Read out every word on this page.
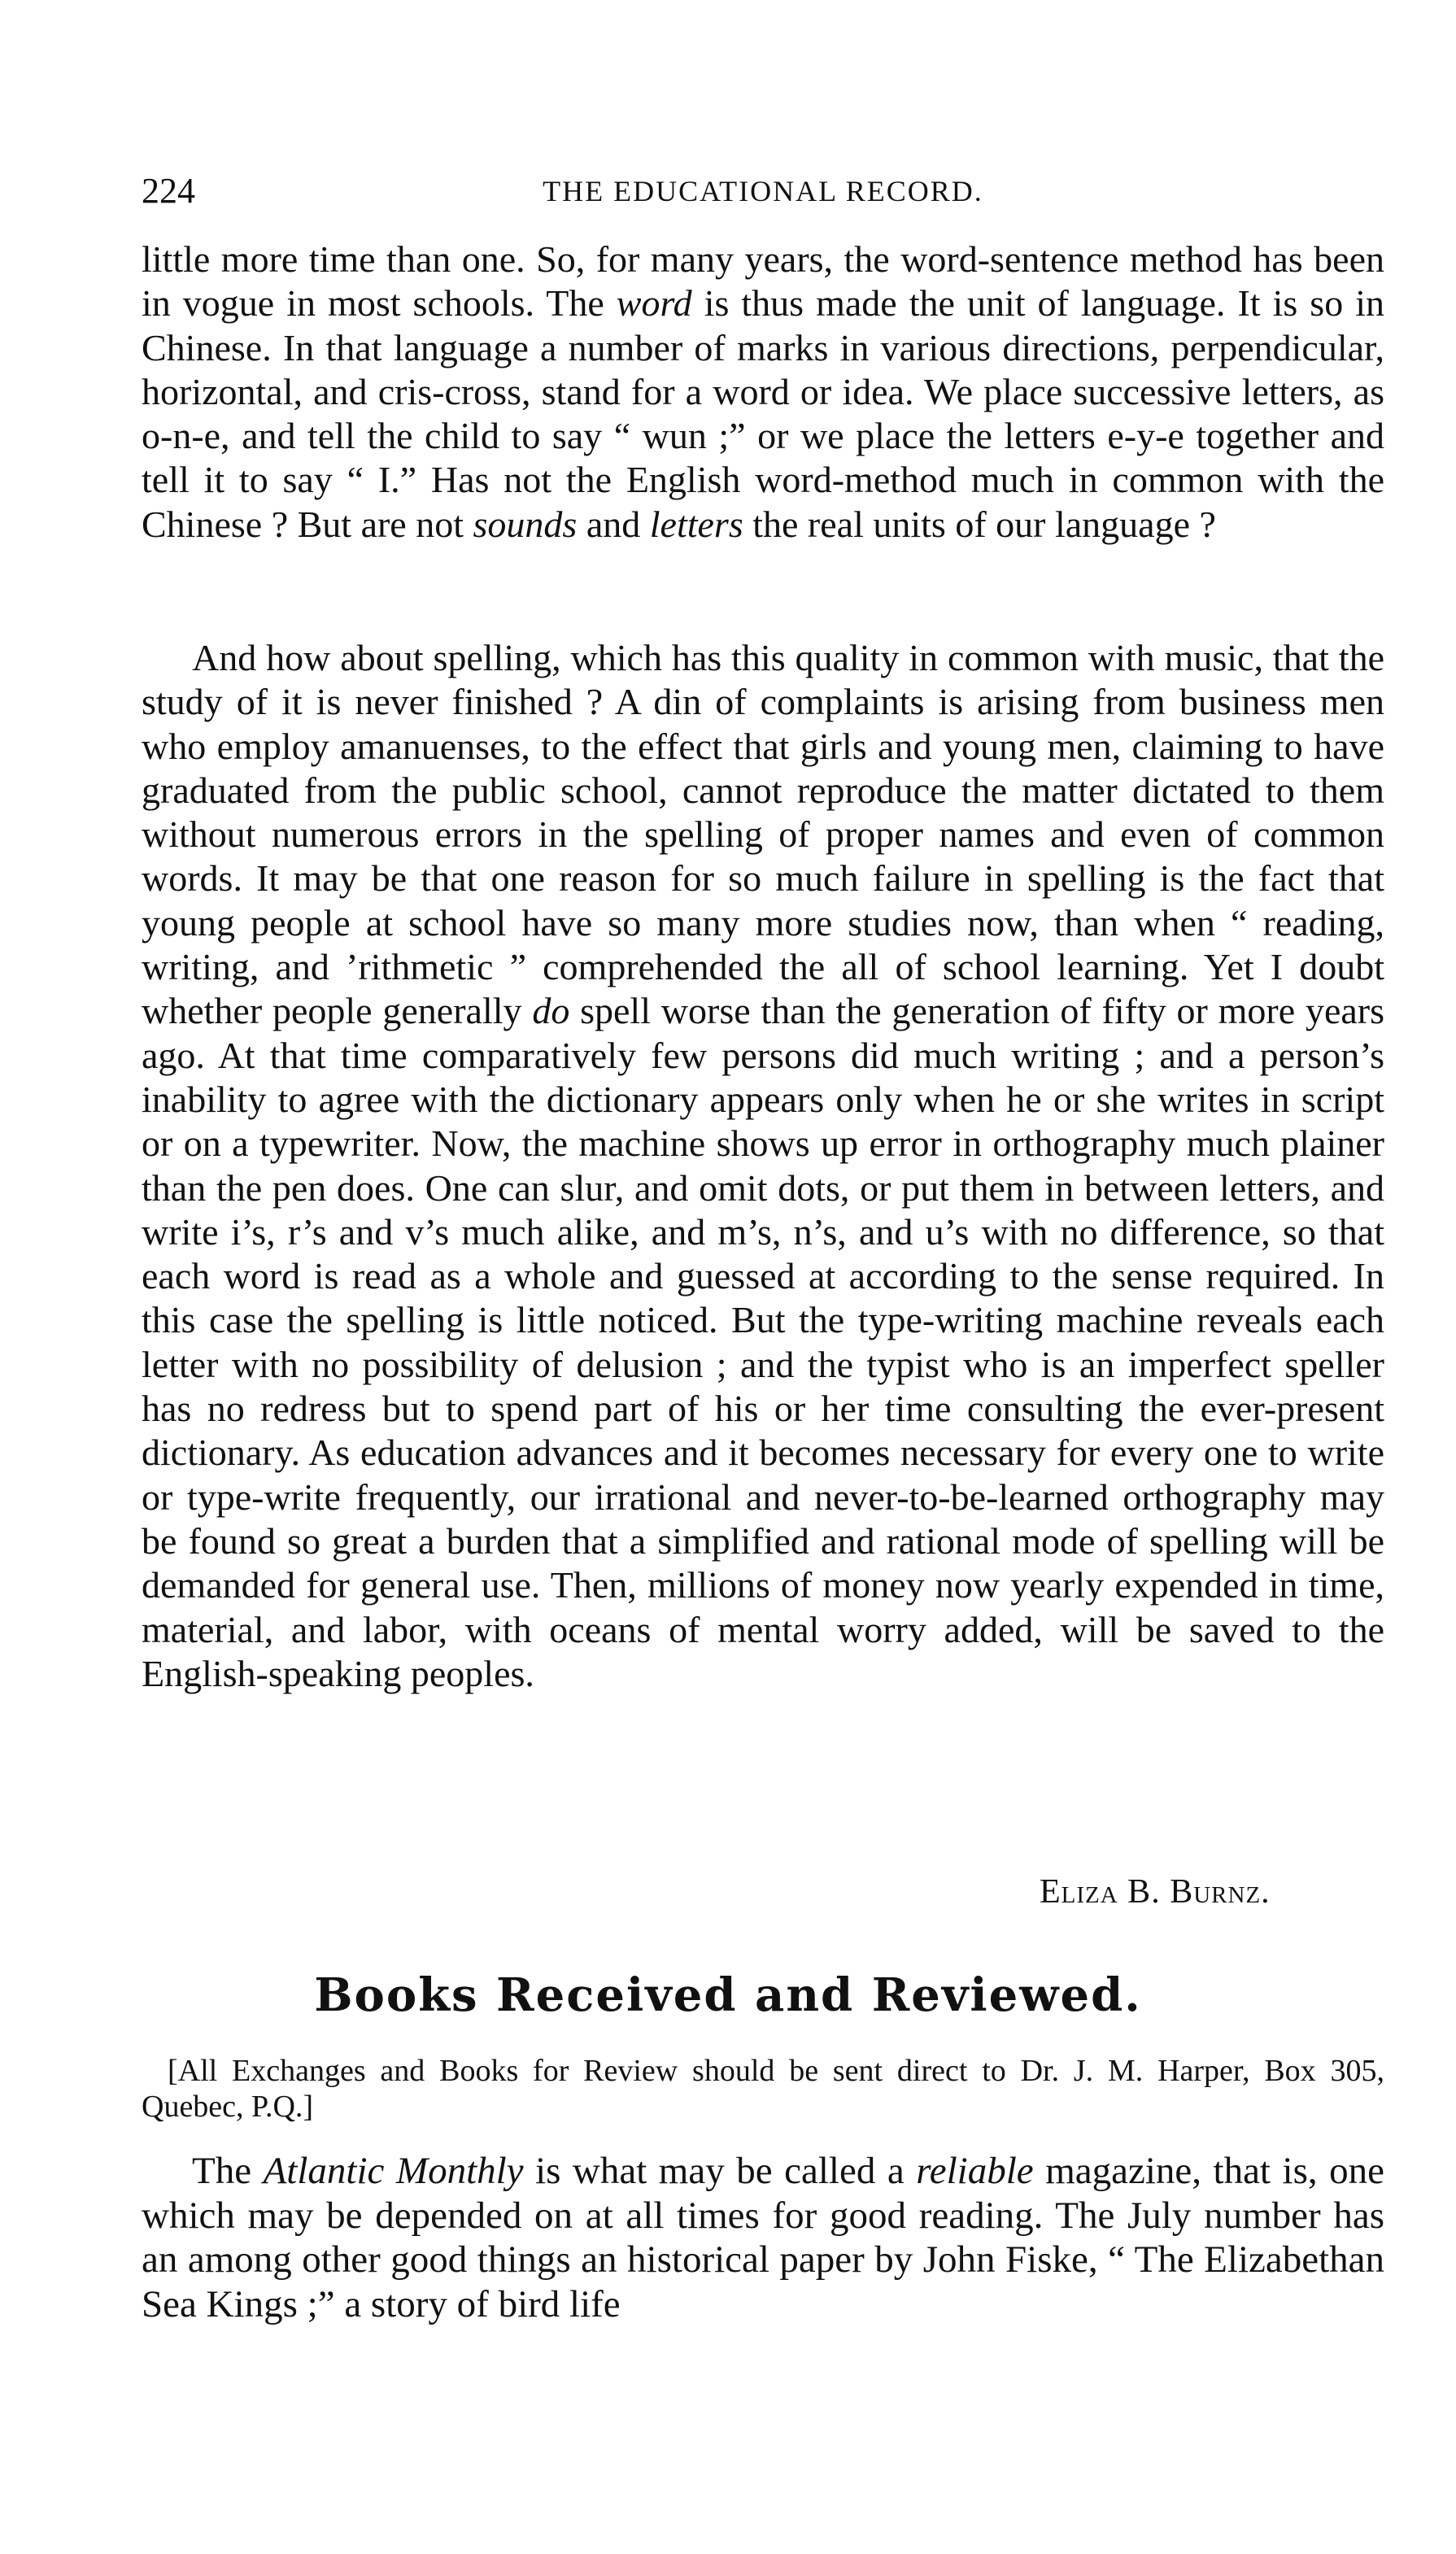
224	THE EDUCATIONAL RECORD.
little more time than one. So, for many years, the word-sentence method has been in vogue in most schools. The word is thus made the unit of language. It is so in Chinese. In that language a number of marks in various directions, perpendicular, horizontal, and cris-cross, stand for a word or idea. We place successive letters, as o-n-e, and tell the child to say “ wun ;” or we place the letters e-y-e together and tell it to say “ I.” Has not the English word-method much in common with the Chinese ? But are not sounds and letters the real units of our language ?
And how about spelling, which has this quality in common with music, that the study of it is never finished ? A din of complaints is arising from business men who employ amanuenses, to the effect that girls and young men, claiming to have graduated from the public school, cannot reproduce the matter dictated to them without numerous errors in the spelling of proper names and even of common words. It may be that one reason for so much failure in spelling is the fact that young people at school have so many more studies now, than when “ reading, writing, and ’rithmetic ” comprehended the all of school learning. Yet I doubt whether people generally do spell worse than the generation of fifty or more years ago. At that time comparatively few persons did much writing ; and a person’s inability to agree with the dictionary appears only when he or she writes in script or on a typewriter. Now, the machine shows up error in orthography much plainer than the pen does. One can slur, and omit dots, or put them in between letters, and write i’s, r’s and v’s much alike, and m’s, n’s, and u’s with no difference, so that each word is read as a whole and guessed at according to the sense required. In this case the spelling is little noticed. But the type-writing machine reveals each letter with no possibility of delusion ; and the typist who is an imperfect speller has no redress but to spend part of his or her time consulting the ever-present dictionary. As education advances and it becomes necessary for every one to write or type-write frequently, our irrational and never-to-be-learned orthography may be found so great a burden that a simplified and rational mode of spelling will be demanded for general use. Then, millions of money now yearly expended in time, material, and labor, with oceans of mental worry added, will be saved to the English-speaking peoples.
Eliza B. Burnz.
Books Received and Reviewed.
[All Exchanges and Books for Review should be sent direct to Dr. J. M. Harper, Box 305, Quebec, P.Q.]
The Atlantic Monthly is what may be called a reliable magazine, that is, one which may be depended on at all times for good reading. The July number has an among other good things an historical paper by John Fiske, “ The Elizabethan Sea Kings ;” a story of bird life
